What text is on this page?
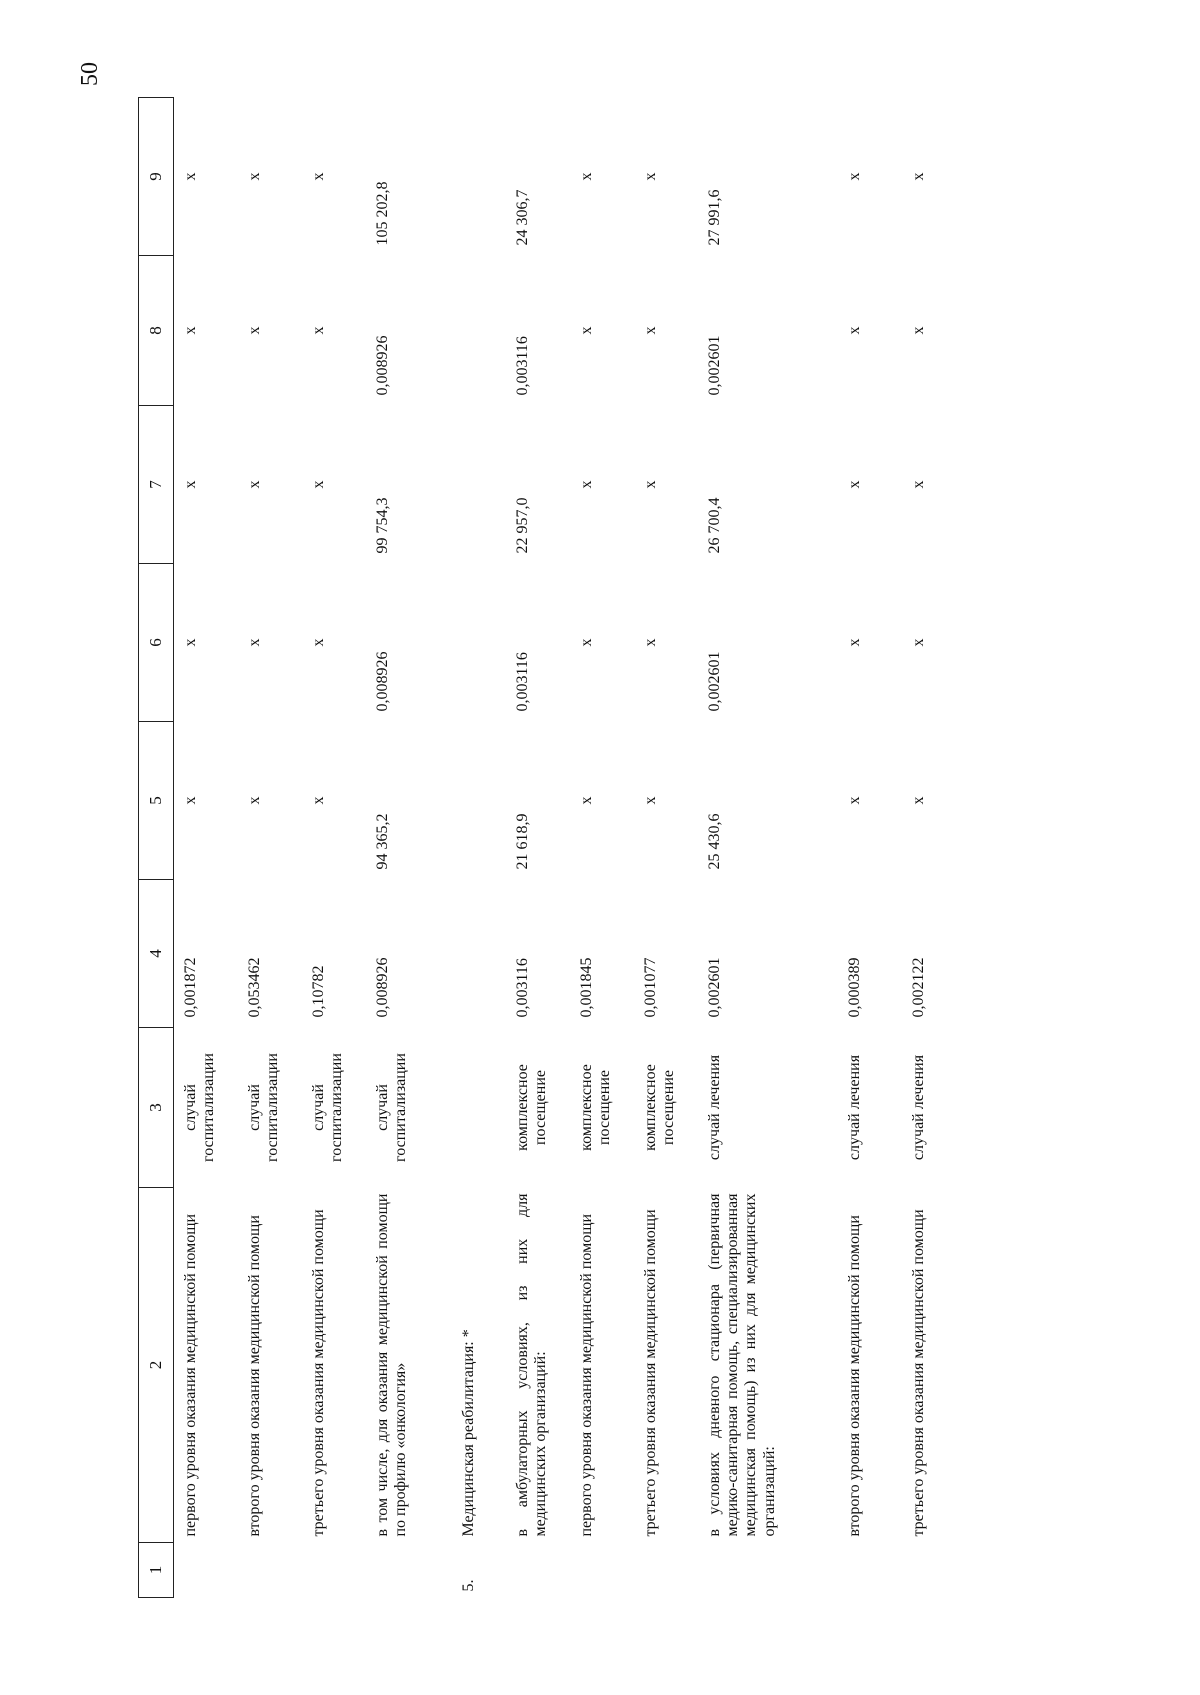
50
1	2	3	4	5	6	7	8	9
	первого уровня оказания медицинской помощи	случай госпитализации	0,001872	х	х	х	х	х
	второго уровня оказания медицинской помощи	случай госпитализации	0,053462	х	х	х	х	х
	третьего уровня оказания медицинской помощи	случай госпитализации	0,10782	х	х	х	х	х
	в том числе, для оказания медицинской помощи по профилю «онкология»	случай госпитализации	0,008926	94 365,2	0,008926	99 754,3	0,008926	105 202,8
5.	Медицинская реабилитация: *							
	в амбулаторных условиях, из них для медицинских организаций:	комплексное посещение	0,003116	21 618,9	0,003116	22 957,0	0,003116	24 306,7
	первого уровня оказания медицинской помощи	комплексное посещение	0,001845	х	х	х	х	х
	третьего уровня оказания медицинской помощи	комплексное посещение	0,001077	х	х	х	х	х
	в условиях дневного стационара (первичная медико-санитарная помощь, специализированная медицинская помощь) из них для медицинских организаций:	случай лечения	0,002601	25 430,6	0,002601	26 700,4	0,002601	27 991,6
	второго уровня оказания медицинской помощи	случай лечения	0,000389	х	х	х	х	х
	третьего уровня оказания медицинской помощи	случай лечения	0,002122	х	х	х	х	х
